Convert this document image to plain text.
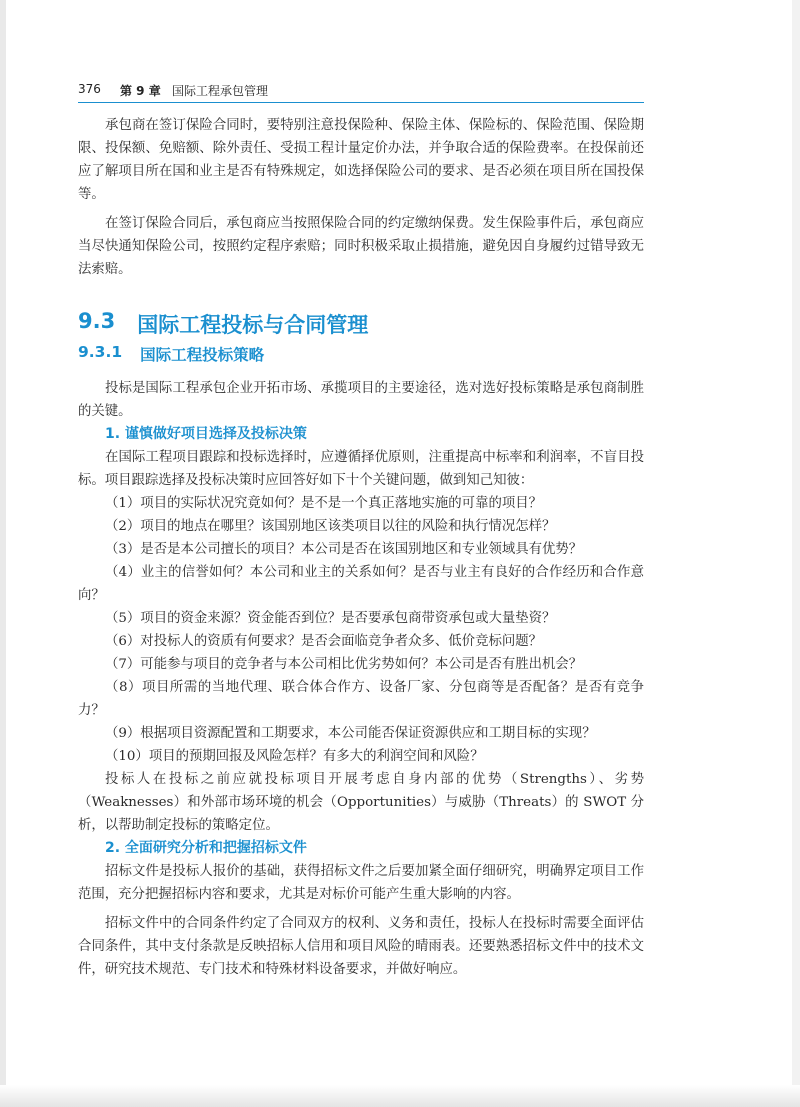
376 第 9 章 国际工程承包管理

承包商在签订保险合同时，要特别注意投保险种、保险主体、保险标的、保险范围、保险期限、投保额、免赔额、除外责任、受损工程计量定价办法，并争取合适的保险费率。在投保前还应了解项目所在国和业主是否有特殊规定，如选择保险公司的要求、是否必须在项目所在国投保等。

在签订保险合同后，承包商应当按照保险合同的约定缴纳保费。发生保险事件后，承包商应当尽快通知保险公司，按照约定程序索赔；同时积极采取止损措施，避免因自身履约过错导致无法索赔。

9.3 国际工程投标与合同管理
9.3.1 国际工程投标策略

投标是国际工程承包企业开拓市场、承揽项目的主要途径，选对选好投标策略是承包商制胜的关键。

1. 谨慎做好项目选择及投标决策

在国际工程项目跟踪和投标选择时，应遵循择优原则，注重提高中标率和利润率，不盲目投标。项目跟踪选择及投标决策时应回答好如下十个关键问题，做到知己知彼：

（1）项目的实际状况究竟如何？是不是一个真正落地实施的可靠的项目？

（2）项目的地点在哪里？该国别地区该类项目以往的风险和执行情况怎样？

（3）是否是本公司擅长的项目？本公司是否在该国别地区和专业领域具有优势？

（4）业主的信誉如何？本公司和业主的关系如何？是否与业主有良好的合作经历和合作意向？

（5）项目的资金来源？资金能否到位？是否要承包商带资承包或大量垫资？

（6）对投标人的资质有何要求？是否会面临竞争者众多、低价竞标问题？

（7）可能参与项目的竞争者与本公司相比优劣势如何？本公司是否有胜出机会？

（8）项目所需的当地代理、联合体合作方、设备厂家、分包商等是否配备？是否有竞争力？

（9）根据项目资源配置和工期要求，本公司能否保证资源供应和工期目标的实现？

（10）项目的预期回报及风险怎样？有多大的利润空间和风险？

投标人在投标之前应就投标项目开展考虑自身内部的优势（Strengths）、劣势（Weaknesses）和外部市场环境的机会（Opportunities）与威胁（Threats）的 SWOT 分析，以帮助制定投标的策略定位。

2. 全面研究分析和把握招标文件

招标文件是投标人报价的基础，获得招标文件之后要加紧全面仔细研究，明确界定项目工作范围，充分把握招标内容和要求，尤其是对标价可能产生重大影响的内容。

招标文件中的合同条件约定了合同双方的权利、义务和责任，投标人在投标时需要全面评估合同条件，其中支付条款是反映招标人信用和项目风险的晴雨表。还要熟悉招标文件中的技术文件，研究技术规范、专门技术和特殊材料设备要求，并做好响应。
